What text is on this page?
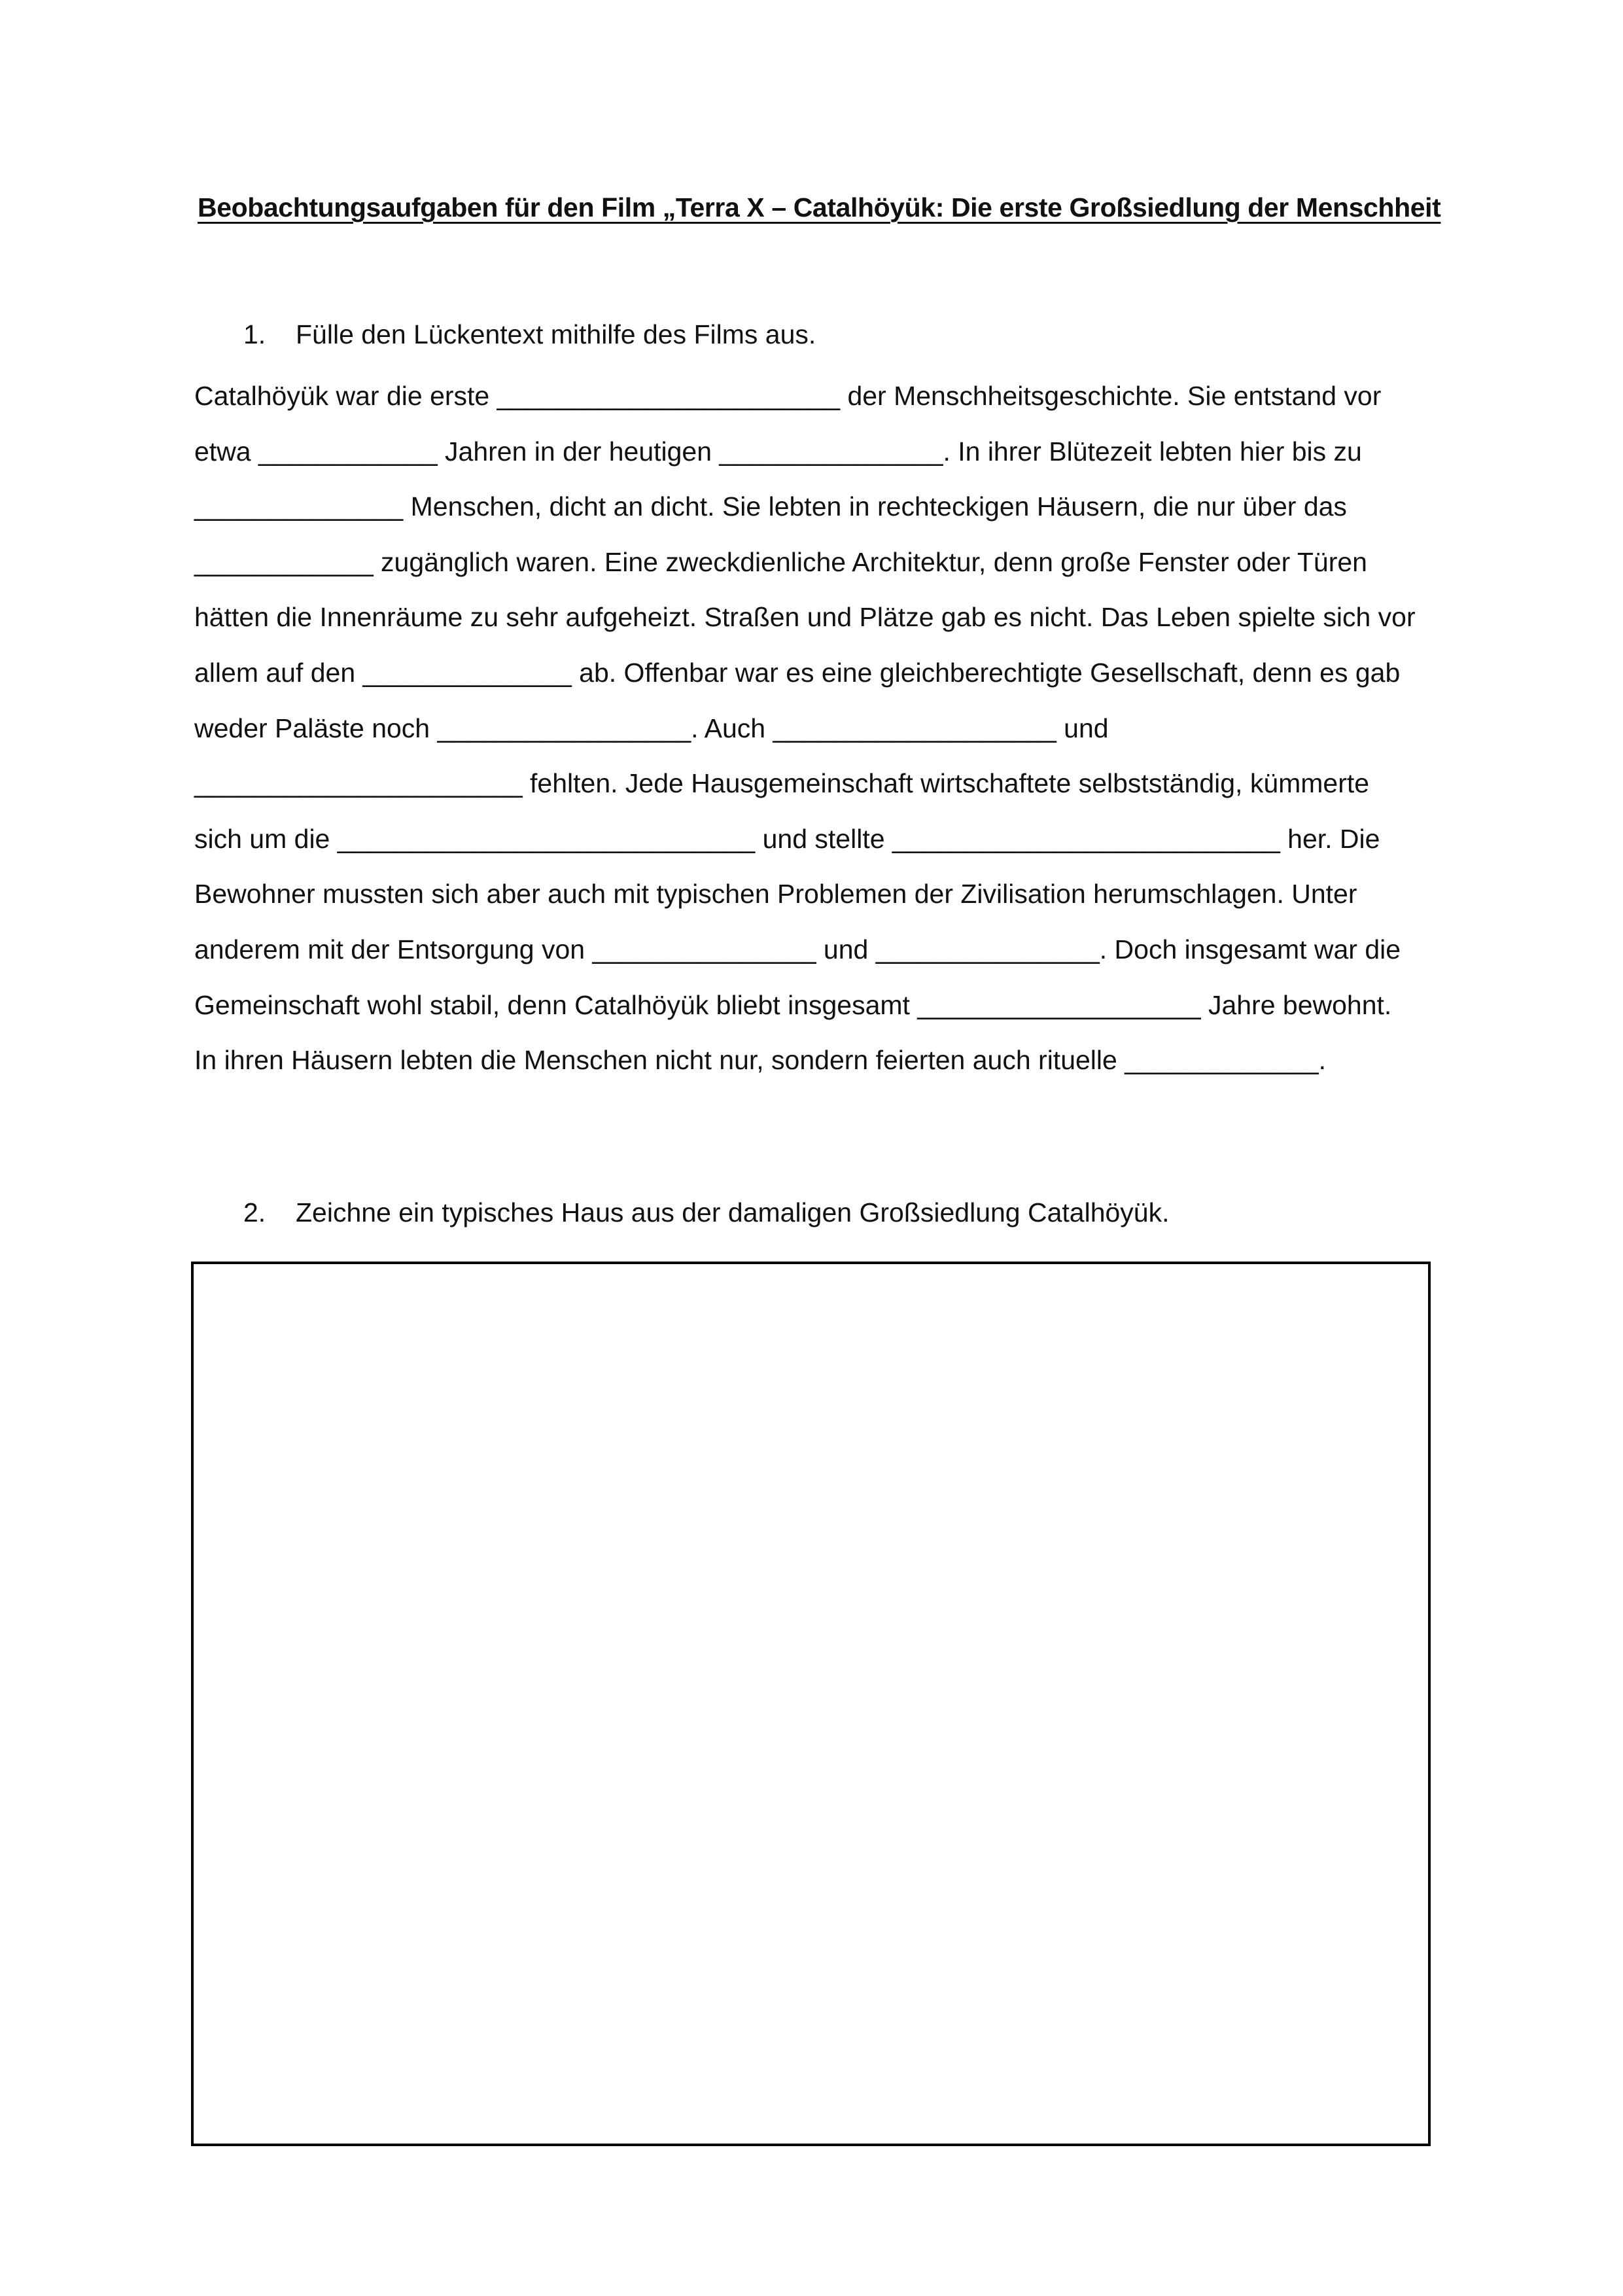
Beobachtungsaufgaben für den Film „Terra X – Catalhöyük: Die erste Großsiedlung der Menschheit
1. Fülle den Lückentext mithilfe des Films aus.
Catalhöyük war die erste _______________________ der Menschheitsgeschichte. Sie entstand vor
etwa ____________ Jahren in der heutigen _______________. In ihrer Blütezeit lebten hier bis zu
______________ Menschen, dicht an dicht. Sie lebten in rechteckigen Häusern, die nur über das
____________ zugänglich waren. Eine zweckdienliche Architektur, denn große Fenster oder Türen
hätten die Innenräume zu sehr aufgeheizt. Straßen und Plätze gab es nicht. Das Leben spielte sich vor
allem auf den ______________ ab. Offenbar war es eine gleichberechtigte Gesellschaft, denn es gab
weder Paläste noch _________________. Auch ___________________ und
______________________ fehlten. Jede Hausgemeinschaft wirtschaftete selbstständig, kümmerte
sich um die ____________________________ und stellte __________________________ her. Die
Bewohner mussten sich aber auch mit typischen Problemen der Zivilisation herumschlagen. Unter
anderem mit der Entsorgung von _______________ und _______________. Doch insgesamt war die
Gemeinschaft wohl stabil, denn Catalhöyük bliebt insgesamt ___________________ Jahre bewohnt.
In ihren Häusern lebten die Menschen nicht nur, sondern feierten auch rituelle _____________.
2. Zeichne ein typisches Haus aus der damaligen Großsiedlung Catalhöyük.
